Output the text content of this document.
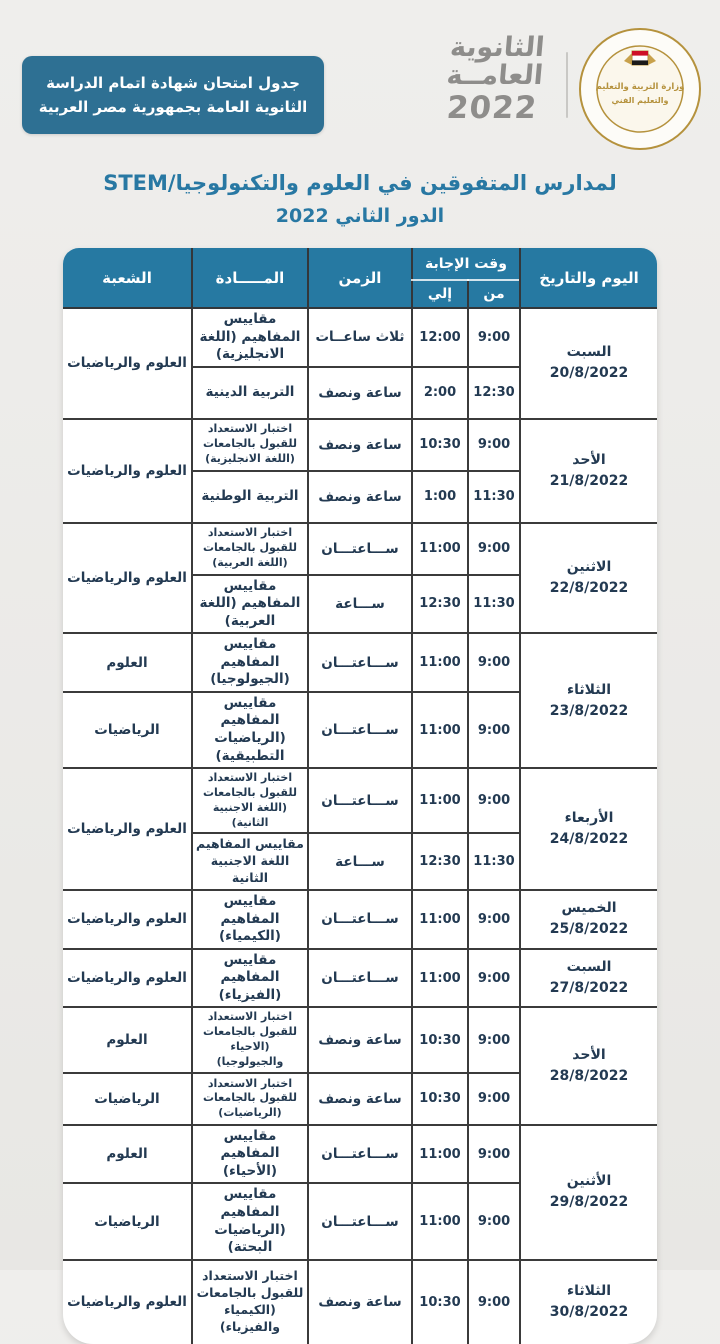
جدول امتحان شهادة اتمام الدراسة
الثانوية العامة بجمهورية مصر العربية
الثانوية
العامــة
2022
وزارة التربية والتعليم
والتعليم الفني
لمدارس المتفوقين في العلوم والتكنولوجيا/STEM
الدور الثاني 2022
اليوم والتاريخ	وقت الإجابة		الزمن	المـــــادة	الشعبة
	من	إلي			

السبت
20/8/2022	9:00	12:00	ثلاث ساعــات	مقاييس المفاهيم (اللغة الانجليزية)	العلوم والرياضيات
	12:30	2:00	ساعة ونصف	التربية الدينية	

الأحد
21/8/2022	9:00	10:30	ساعة ونصف	اختبار الاستعداد للقبول بالجامعات (اللغة الانجليزية)	العلوم والرياضيات
	11:30	1:00	ساعة ونصف	التربية الوطنية	

الاثنين
22/8/2022	9:00	11:00	ســـاعتـــان	اختبار الاستعداد للقبول بالجامعات (اللغة العربية)	العلوم والرياضيات
	11:30	12:30	ســـاعة	مقاييس المفاهيم (اللغة العربية)	

الثلاثاء
23/8/2022	9:00	11:00	ســـاعتـــان	مقاييس المفاهيم (الجيولوجيا)	العلوم
	9:00	11:00	ســـاعتـــان	مقاييس المفاهيم (الرياضيات التطبيقية)	الرياضيات

الأربعاء
24/8/2022	9:00	11:00	ســـاعتـــان	اختبار الاستعداد للقبول بالجامعات (اللغة الاجنبية الثانية)	العلوم والرياضيات
	11:30	12:30	ســـاعة	مقاييس المفاهيم اللغة الاجنبية الثانية	

الخميس
25/8/2022	9:00	11:00	ســـاعتـــان	مقاييس المفاهيم (الكيمياء)	العلوم والرياضيات

السبت
27/8/2022	9:00	11:00	ســـاعتـــان	مقاييس المفاهيم (الفيزياء)	العلوم والرياضيات

الأحد
28/8/2022	9:00	10:30	ساعة ونصف	اختبار الاستعداد للقبول بالجامعات (الاحياء والجيولوجيا)	العلوم
	9:00	10:30	ساعة ونصف	اختبار الاستعداد للقبول بالجامعات (الرياضيات)	الرياضيات

الأثنين
29/8/2022	9:00	11:00	ســـاعتـــان	مقاييس المفاهيم (الأحياء)	العلوم
	9:00	11:00	ســـاعتـــان	مقاييس المفاهيم (الرياضيات البحتة)	الرياضيات

الثلاثاء
30/8/2022	9:00	10:30	ساعة ونصف	اختبار الاستعداد للقبول بالجامعات (الكيمياء والفيزياء)	العلوم والرياضيات
